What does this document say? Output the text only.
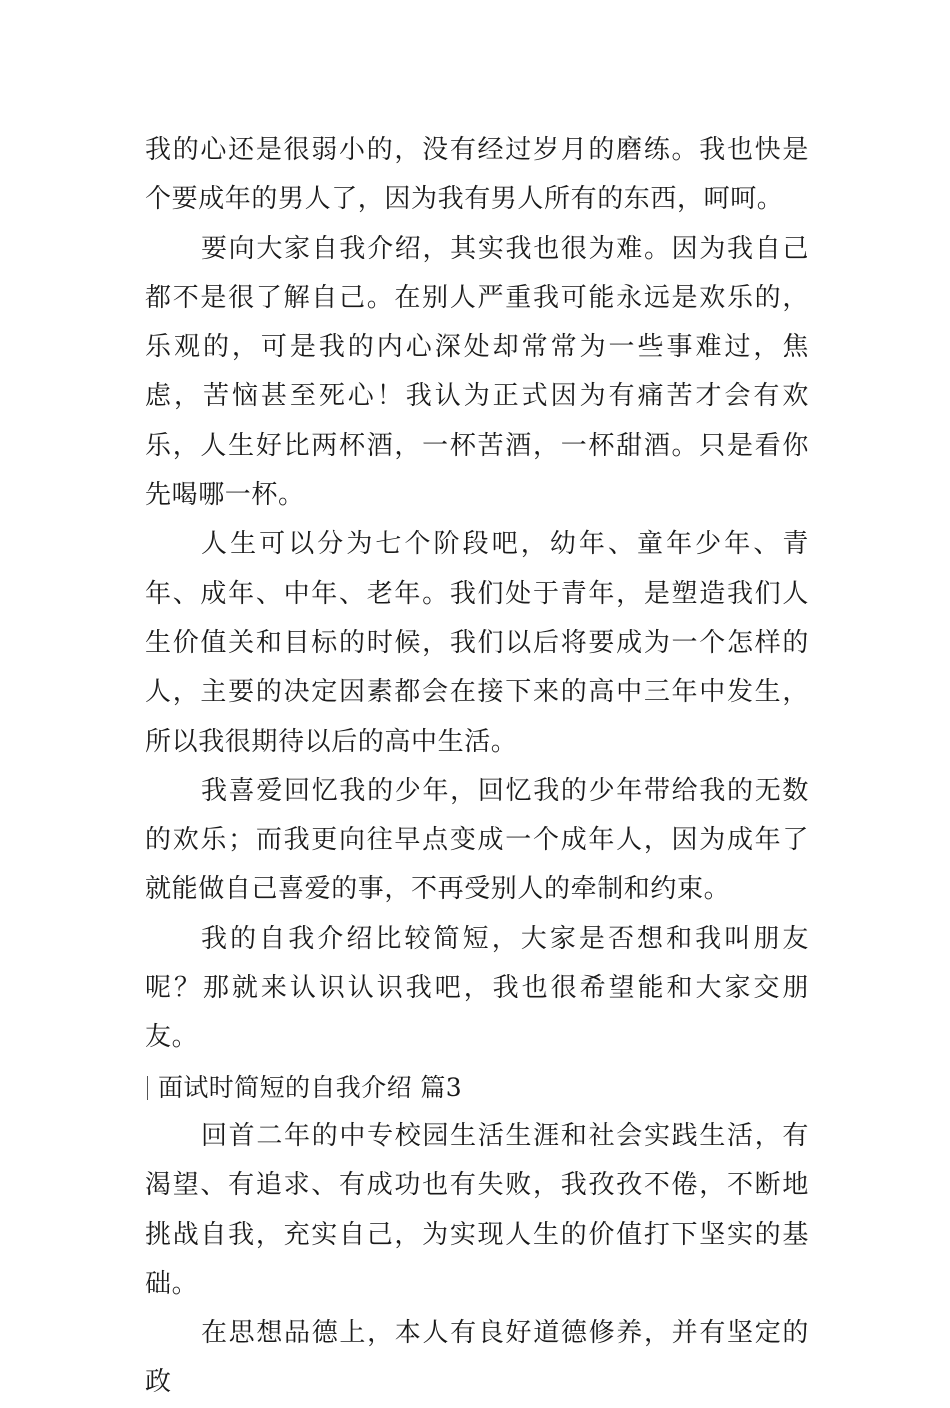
我的心还是很弱小的，没有经过岁月的磨练。我也快是个要成年的男人了，因为我有男人所有的东西，呵呵。

要向大家自我介绍，其实我也很为难。因为我自己都不是很了解自己。在别人严重我可能永远是欢乐的，乐观的，可是我的内心深处却常常为一些事难过，焦虑，苦恼甚至死心！我认为正式因为有痛苦才会有欢乐，人生好比两杯酒，一杯苦酒，一杯甜酒。只是看你先喝哪一杯。

人生可以分为七个阶段吧，幼年、童年少年、青年、成年、中年、老年。我们处于青年，是塑造我们人生价值关和目标的时候，我们以后将要成为一个怎样的人，主要的决定因素都会在接下来的高中三年中发生，所以我很期待以后的高中生活。

我喜爱回忆我的少年，回忆我的少年带给我的无数的欢乐；而我更向往早点变成一个成年人，因为成年了就能做自己喜爱的事，不再受别人的牵制和约束。

我的自我介绍比较简短，大家是否想和我叫朋友呢？那就来认识认识我吧，我也很希望能和大家交朋友。

面试时简短的自我介绍 篇3

回首二年的中专校园生活生涯和社会实践生活，有渴望、有追求、有成功也有失败，我孜孜不倦，不断地挑战自我，充实自己，为实现人生的价值打下坚实的基础。

在思想品德上，本人有良好道德修养，并有坚定的政
